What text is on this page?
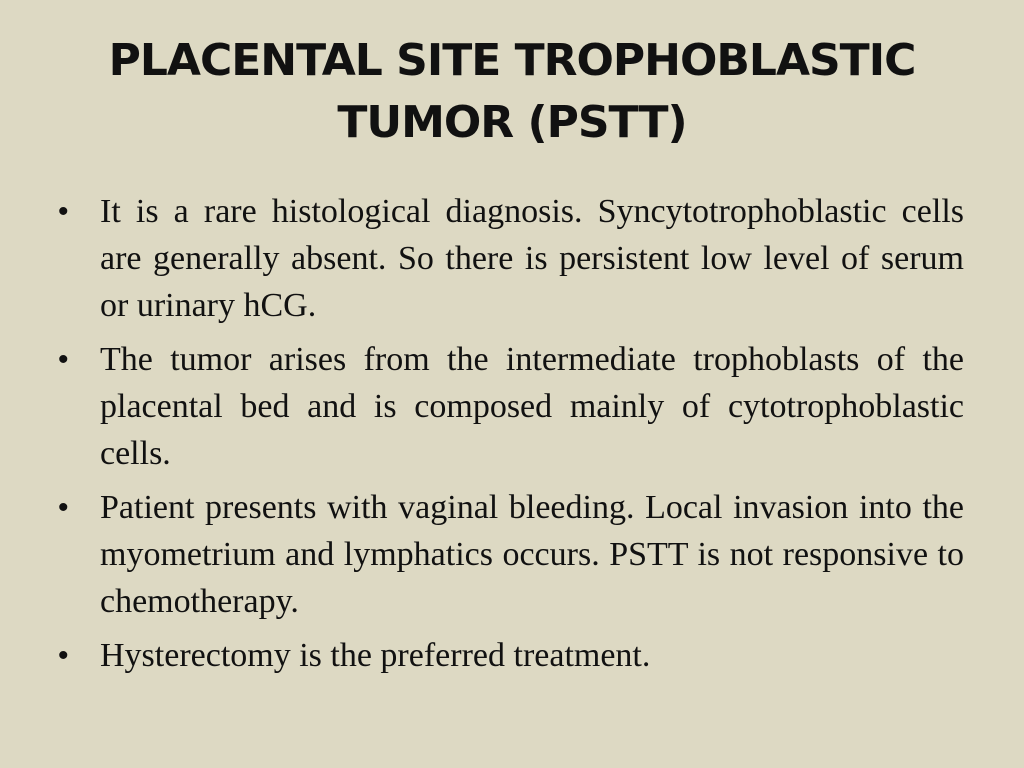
PLACENTAL SITE TROPHOBLASTIC
TUMOR (PSTT)
• It is a rare histological diagnosis. Syncytotrophoblastic cells are generally absent. So there is persistent low level of serum or urinary hCG.
• The tumor arises from the intermediate trophoblasts of the placental bed and is composed mainly of cytotrophoblastic cells.
• Patient presents with vaginal bleeding. Local invasion into the myometrium and lymphatics occurs. PSTT is not responsive to chemotherapy.
• Hysterectomy is the preferred treatment.
